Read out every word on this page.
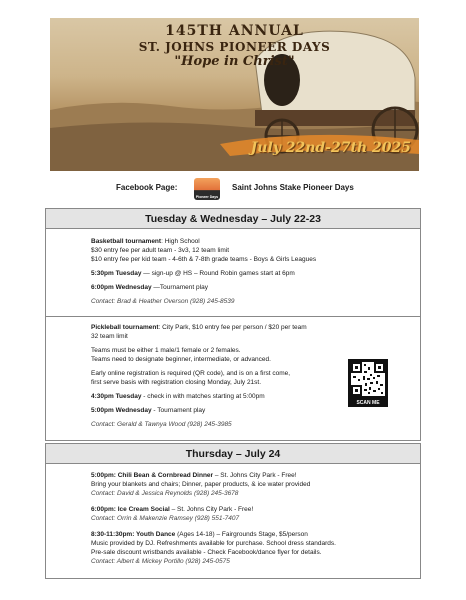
145TH ANNUAL
ST. JOHNS PIONEER DAYS
"Hope in Christ"
July 22nd-27th 2025
Facebook Page:
Pioneer Days
Saint Johns Stake Pioneer Days
Tuesday & Wednesday – July 22-23

Basketball tournament: High School

$30 entry fee per adult team - 3v3, 12 team limit

$10 entry fee per kid team - 4-6th & 7-8th grade teams - Boys & Girls Leagues

5:30pm Tuesday — sign-up @ HS – Round Robin games start at 6pm

6:00pm Wednesday —Tournament play

Contact: Brad & Heather Overson (928) 245-8539

Pickleball tournament: City Park, $10 entry fee per person / $20 per team

32 team limit

Teams must be either 1 male/1 female or 2 females.

Teams need to designate beginner, intermediate, or advanced.

Early online registration is required (QR code), and is on a first come,

first serve basis with registration closing Monday, July 21st.

4:30pm Tuesday - check in with matches starting at 5:00pm

5:00pm Wednesday - Tournament play

Contact: Gerald & Tawnya Wood (928) 245-3985

SCAN ME
Thursday – July 24

5:00pm: Chili Bean & Cornbread Dinner – St. Johns City Park - Free!

Bring your blankets and chairs; Dinner, paper products, & ice water provided

Contact: David & Jessica Reynolds (928) 245-3678

6:00pm: Ice Cream Social – St. Johns City Park - Free!

Contact: Orrin & Makenzie Ramsey (928) 551-7407

8:30-11:30pm: Youth Dance (Ages 14-18) – Fairgrounds Stage, $5/person

Music provided by DJ. Refreshments available for purchase. School dress standards.

Pre-sale discount wristbands available - Check Facebook/dance flyer for details.

Contact: Albert & Mickey Portillo (928) 245-0575
